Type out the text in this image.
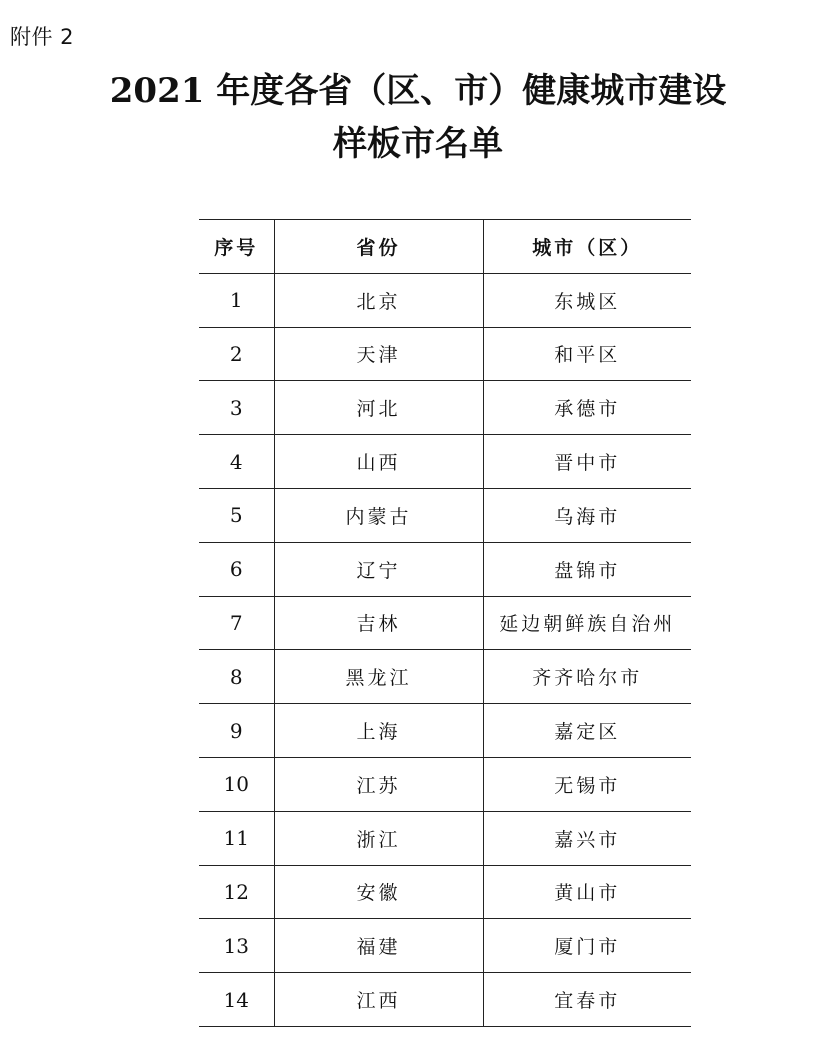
附件 2
2021 年度各省（区、市）健康城市建设
样板市名单
序号	省份	城市（区）
1	北京	东城区
2	天津	和平区
3	河北	承德市
4	山西	晋中市
5	内蒙古	乌海市
6	辽宁	盘锦市
7	吉林	延边朝鲜族自治州
8	黑龙江	齐齐哈尔市
9	上海	嘉定区
10	江苏	无锡市
11	浙江	嘉兴市
12	安徽	黄山市
13	福建	厦门市
14	江西	宜春市
